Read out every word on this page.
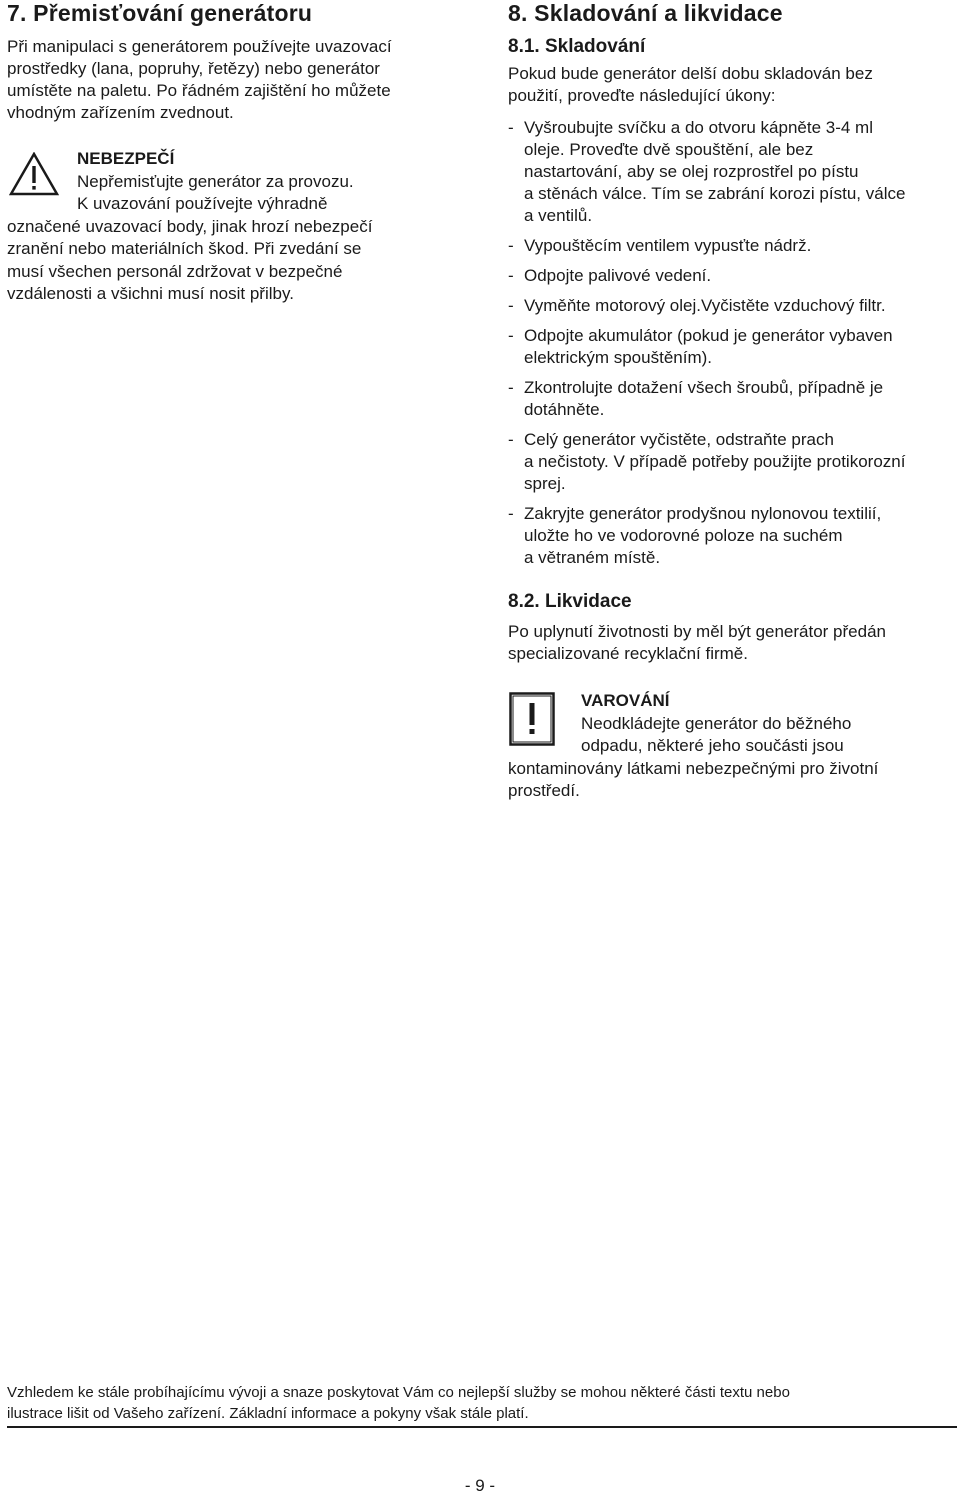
7. Přemisťování generátoru

Při manipulaci s generátorem používejte uvazovací
prostředky (lana, popruhy, řetězy) nebo generátor
umístěte na paletu. Po řádném zajištění ho můžete
vhodným zařízením zvednout.

NEBEZPEČÍ
Nepřemisťujte generátor za provozu.
K uvazování používejte výhradně
označené uvazovací body, jinak hrozí nebezpečí
zranění nebo materiálních škod. Při zvedání se
musí všechen personál zdržovat v bezpečné
vzdálenosti a všichni musí nosit přilby.
8. Skladování a likvidace
8.1. Skladování

Pokud bude generátor delší dobu skladován bez
použití, proveďte následující úkony:

- Vyšroubujte svíčku a do otvoru kápněte 3-4 ml
oleje. Proveďte dvě spouštění, ale bez
nastartování, aby se olej rozprostřel po pístu
a stěnách válce. Tím se zabrání korozi pístu, válce
a ventilů.
- Vypouštěcím ventilem vypusťte nádrž.
- Odpojte palivové vedení.
- Vyměňte motorový olej.Vyčistěte vzduchový filtr.
- Odpojte akumulátor (pokud je generátor vybaven
elektrickým spouštěním).
- Zkontrolujte dotažení všech šroubů, případně je
dotáhněte.
- Celý generátor vyčistěte, odstraňte prach
a nečistoty. V případě potřeby použijte protikorozní
sprej.
- Zakryjte generátor prodyšnou nylonovou textilií,
uložte ho ve vodorovné poloze na suchém
a větraném místě.
8.2. Likvidace

Po uplynutí životnosti by měl být generátor předán
specializované recyklační firmě.

VAROVÁNÍ
Neodkládejte generátor do běžného
odpadu, některé jeho součásti jsou
kontaminovány látkami nebezpečnými pro životní
prostředí.
Vzhledem ke stále probíhajícímu vývoji a snaze poskytovat Vám co nejlepší služby se mohou některé části textu nebo
ilustrace lišit od Vašeho zařízení. Základní informace a pokyny však stále platí.
- 9 -
